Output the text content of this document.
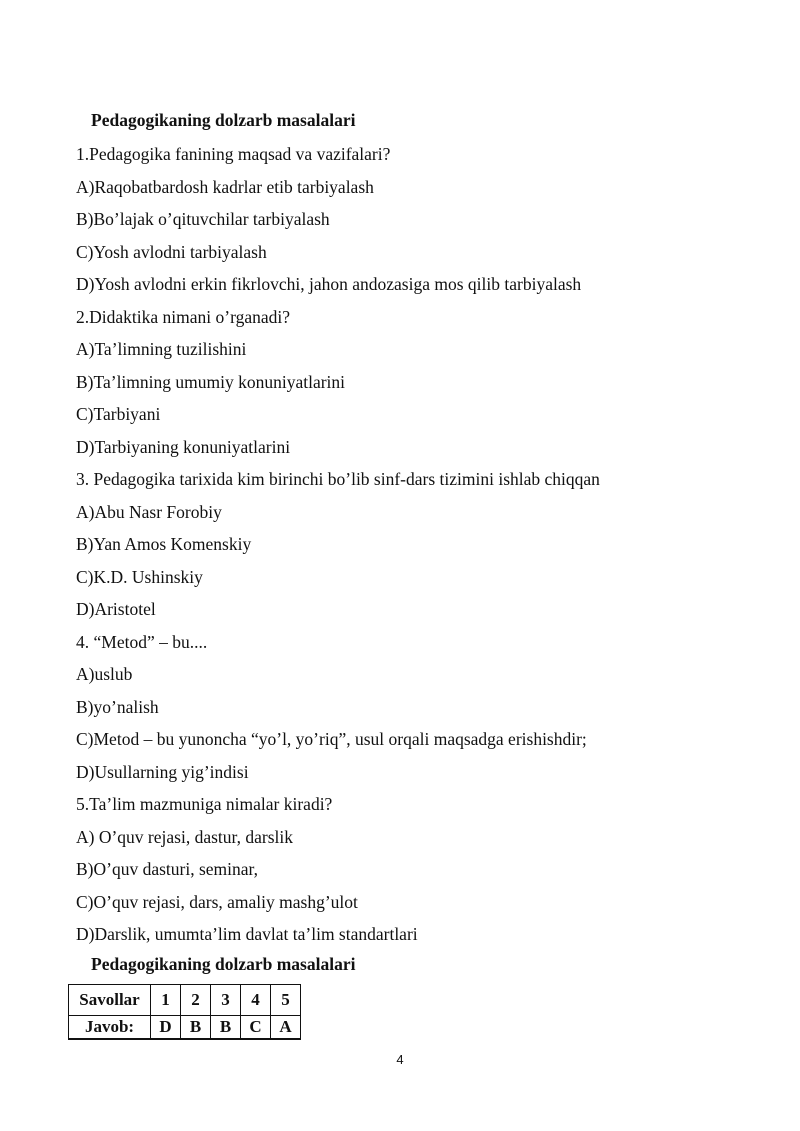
Pedagogikaning dolzarb masalalari
1.Pedagogika fanining maqsad va vazifalari?
A)Raqobatbardosh kadrlar etib tarbiyalash
B)Bo’lajak o’qituvchilar tarbiyalash
C)Yosh avlodni tarbiyalash
D)Yosh avlodni erkin fikrlovchi, jahon andozasiga mos qilib tarbiyalash
2.Didaktika nimani o’rganadi?
A)Ta’limning tuzilishini
B)Ta’limning umumiy konuniyatlarini
C)Tarbiyani
D)Tarbiyaning konuniyatlarini
3. Pedagogika tarixida kim birinchi bo’lib sinf-dars tizimini ishlab chiqqan
A)Abu Nasr Forobiy
B)Yan Amos Komenskiy
C)K.D. Ushinskiy
D)Aristotel
4. “Metod” – bu....
A)uslub
B)yo’nalish
C)Metod – bu yunoncha “yo’l, yo’riq”, usul orqali maqsadga erishishdir;
D)Usullarning yig’indisi
5.Ta’lim mazmuniga nimalar kiradi?
A) O’quv rejasi, dastur, darslik
B)O’quv dasturi, seminar,
C)O’quv rejasi, dars, amaliy mashg’ulot
D)Darslik, umumta’lim davlat ta’lim standartlari
Pedagogikaning dolzarb masalalari
Savollar	1	2	3	4	5
Javob:	D	B	B	C	A
4
